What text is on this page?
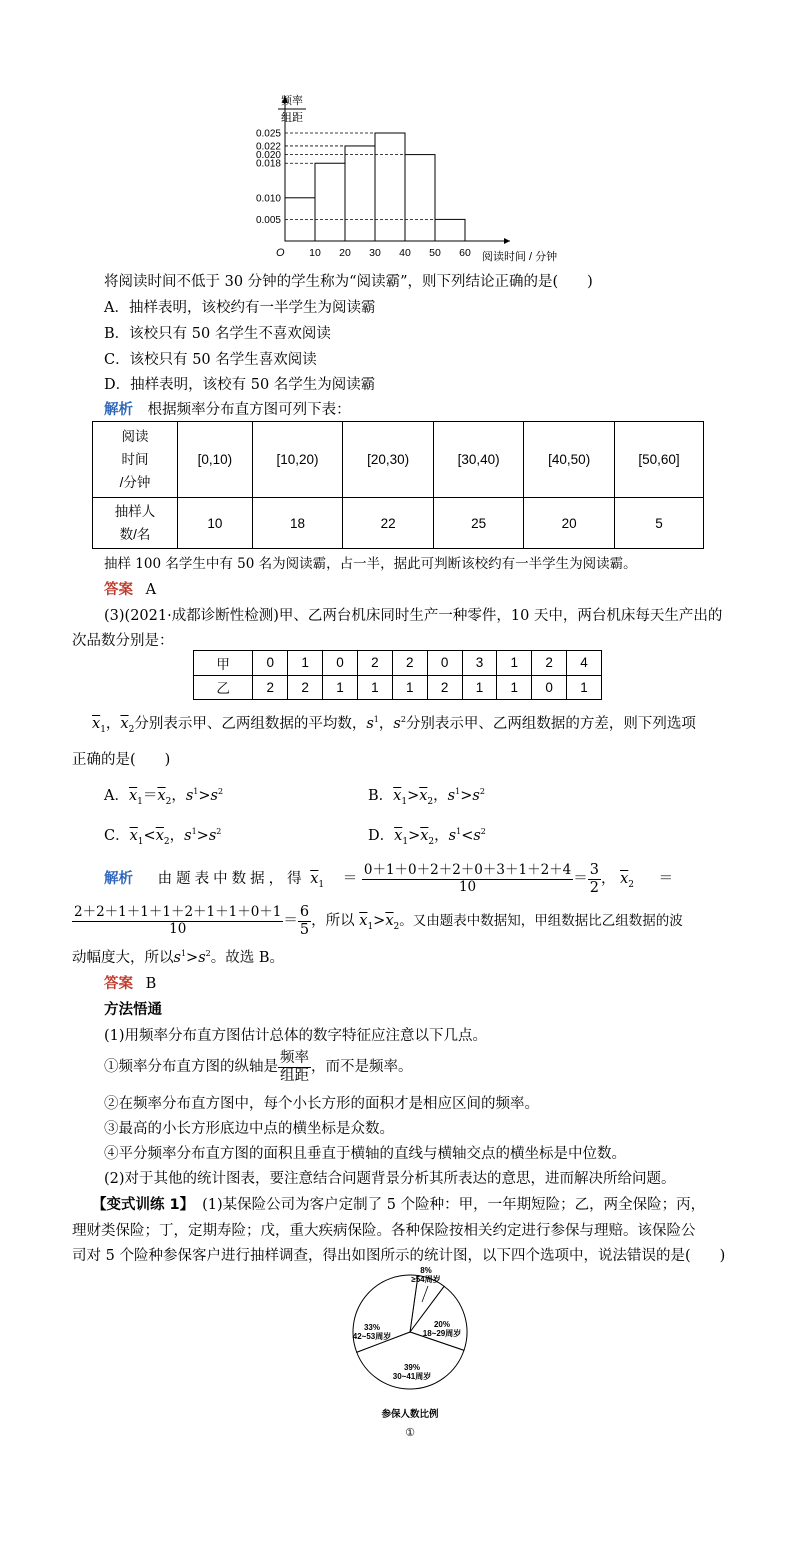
0.025
0.022
0.020
0.018
0.010
0.005
10 20 30 40 50 60
频率
组距
O	阅读时间 / 分钟
将阅读时间不低于 30 分钟的学生称为“阅读霸”，则下列结论正确的是(　　)
A．抽样表明，该校约有一半学生为阅读霸
B．该校只有 50 名学生不喜欢阅读
C．该校只有 50 名学生喜欢阅读
D．抽样表明，该校有 50 名学生为阅读霸
解析 根据频率分布直方图可列下表：
阅读
时间
/分钟	[0,10)	[10,20)	[20,30)	[30,40)	[40,50)	[50,60]

抽样人
数/名	10	18	22	25	20	5
抽样 100 名学生中有 50 名为阅读霸，占一半，据此可判断该校约有一半学生为阅读霸。
答案 A
(3)(2021·成都诊断性检测)甲、乙两台机床同时生产一种零件，10 天中，两台机床每天生产出的
次品数分别是：
甲	0	1	0	2	2	0	3	1	2	4
乙	2	2	1	1	1	2	1	1	0	1
$\overline{x}_1$，$\overline{x}_2$分别表示甲、乙两组数据的平均数，$s^1$，$s^2$分别表示甲、乙两组数据的方差，则下列选项
正确的是(　　)
A．$\overline{x}_1=\overline{x}_2$，$s^1>s^2$	B．$\overline{x}_1>\overline{x}_2$，$s^1>s^2$
C．$\overline{x}_1<\overline{x}_2$，$s^1>s^2$	D．$\overline{x}_1>\overline{x}_2$，$s^1<s^2$
解析 由题表中数据，得 $\overline{x}_1 = \frac{0+1+0+2+2+0+3+1+2+4}{10} = \frac{3}{2}$ ， $\overline{x}_2$ ＝
$\frac{2+2+1+1+1+2+1+1+0+1}{10} = \frac{6}{5}$ ，所以 $\overline{x}_1>\overline{x}_2$。又由题表中数据知，甲组数据比乙组数据的波
动幅度大，所以$s^1>s^2$。故选 B。
答案 B
方法悟通
(1)用频率分布直方图估计总体的数字特征应注意以下几点。
①频率分布直方图的纵轴是 $\frac{\text{频率}}{\text{组距}}$ ，而不是频率。
②在频率分布直方图中，每个小长方形的面积才是相应区间的频率。
③最高的小长方形底边中点的横坐标是众数。
④平分频率分布直方图的面积且垂直于横轴的直线与横轴交点的横坐标是中位数。
(2)对于其他的统计图表，要注意结合问题背景分析其所表达的意思，进而解决所给问题。
【变式训练 1】 (1)某保险公司为客户定制了 5 个险种：甲，一年期短险；乙，两全保险；丙，
理财类保险；丁，定期寿险；戊，重大疾病保险。各种保险按相关约定进行参保与理赔。该保险公
司对 5 个险种参保客户进行抽样调查，得出如图所示的统计图，以下四个选项中，说法错误的是(　　)
8%
≥54周岁
20%
18~29周岁
39%
30~41周岁
33%
42~53周岁
参保人数比例
①
